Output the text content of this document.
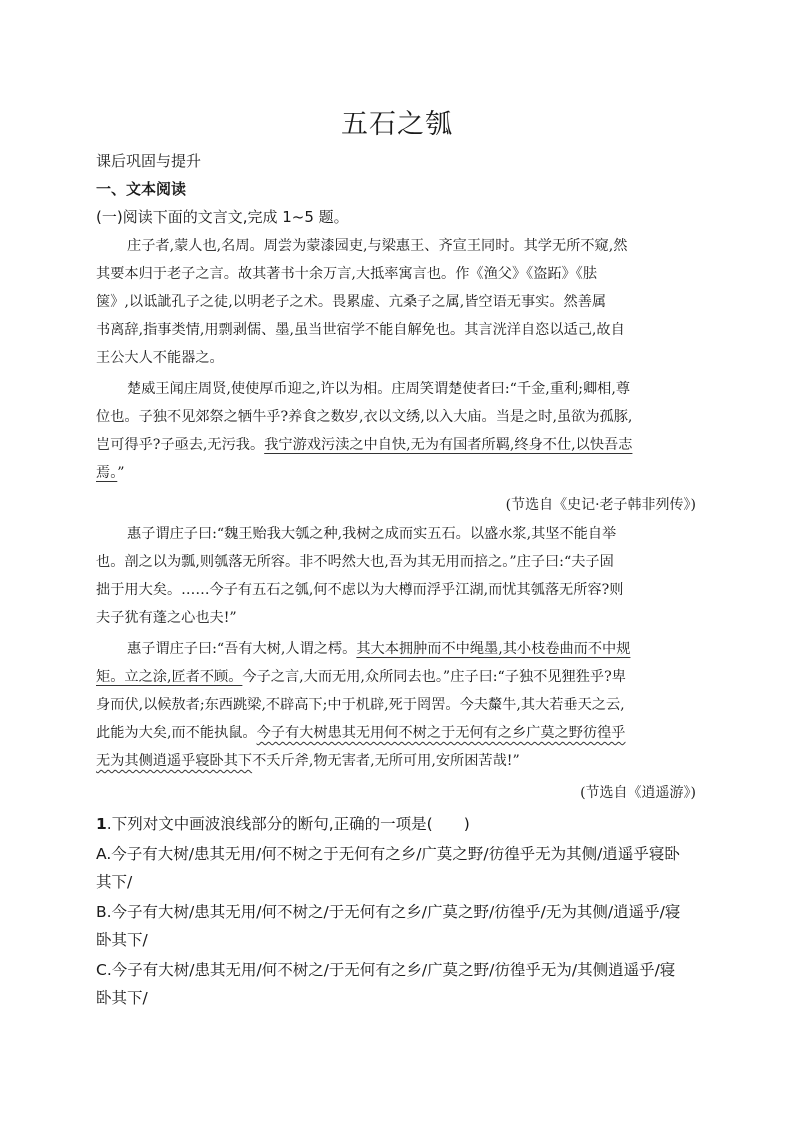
五石之瓠
课后巩固与提升
一、文本阅读
(一)阅读下面的文言文,完成 1~5 题。
庄子者,蒙人也,名周。周尝为蒙漆园吏,与梁惠王、齐宣王同时。其学无所不窥,然
其要本归于老子之言。故其著书十余万言,大抵率寓言也。作《渔父》《盗跖》《胠
箧》,以诋訿孔子之徒,以明老子之术。畏累虚、亢桑子之属,皆空语无事实。然善属
书离辞,指事类情,用剽剥儒、墨,虽当世宿学不能自解免也。其言洸洋自恣以适己,故自
王公大人不能器之。
楚威王闻庄周贤,使使厚币迎之,许以为相。庄周笑谓楚使者曰:“千金,重利;卿相,尊
位也。子独不见郊祭之牺牛乎?养食之数岁,衣以文绣,以入大庙。当是之时,虽欲为孤豚,
岂可得乎?子亟去,无污我。我宁游戏污渎之中自快,无为有国者所羁,终身不仕,以快吾志
焉。”
(节选自《史记·老子韩非列传》)
惠子谓庄子曰:“魏王贻我大瓠之种,我树之成而实五石。以盛水浆,其坚不能自举
也。剖之以为瓢,则瓠落无所容。非不呺然大也,吾为其无用而掊之。”庄子曰:“夫子固
拙于用大矣。……今子有五石之瓠,何不虑以为大樽而浮乎江湖,而忧其瓠落无所容?则
夫子犹有蓬之心也夫!”
惠子谓庄子曰:“吾有大树,人谓之樗。其大本拥肿而不中绳墨,其小枝卷曲而不中规
矩。立之涂,匠者不顾。今子之言,大而无用,众所同去也。”庄子曰:“子独不见狸狌乎?卑
身而伏,以候敖者;东西跳梁,不辟高下;中于机辟,死于罔罟。今夫斄牛,其大若垂天之云,
此能为大矣,而不能执鼠。今子有大树患其无用何不树之于无何有之乡广莫之野彷徨乎
无为其侧逍遥乎寝卧其下不夭斤斧,物无害者,无所可用,安所困苦哉!”
(节选自《逍遥游》)
1.下列对文中画波浪线部分的断句,正确的一项是(　　)
A.今子有大树/患其无用/何不树之于无何有之乡/广莫之野/彷徨乎无为其侧/逍遥乎寝卧
其下/
B.今子有大树/患其无用/何不树之/于无何有之乡/广莫之野/彷徨乎/无为其侧/逍遥乎/寝
卧其下/
C.今子有大树/患其无用/何不树之/于无何有之乡/广莫之野/彷徨乎无为/其侧逍遥乎/寝
卧其下/
